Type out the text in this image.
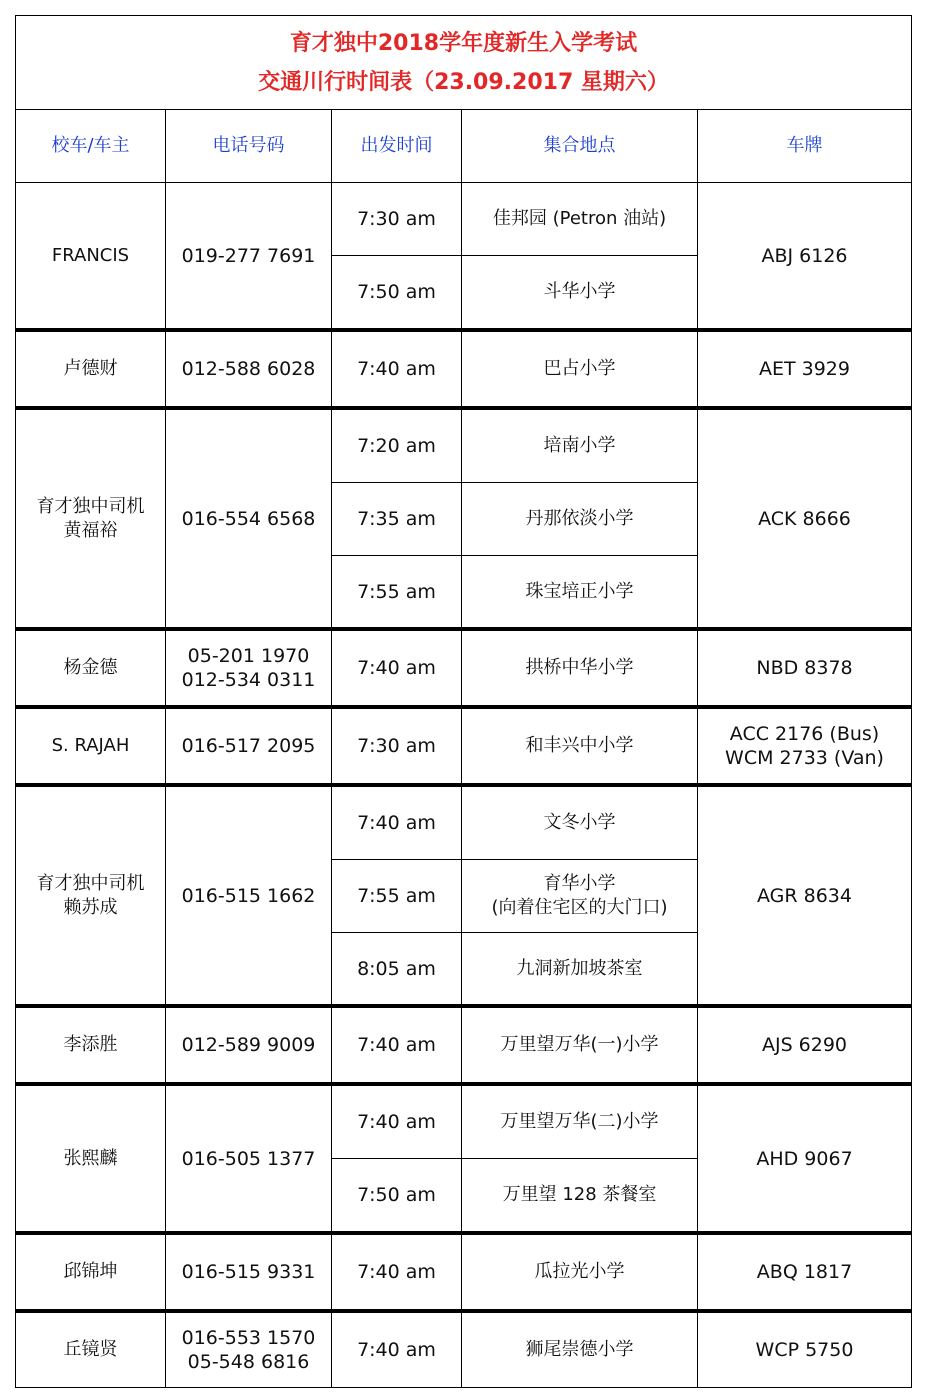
育才独中2018学年度新生入学考试
交通川行时间表（23.09.2017 星期六）				

校车/车主	电话号码	出发时间	集合地点	车牌

FRANCIS	019-277 7691	7:30 am	佳邦园 (Petron 油站)	ABJ 6126

		7:50 am	斗华小学	

卢德财	012-588 6028	7:40 am	巴占小学	AET 3929

育才独中司机
黄福裕	016-554 6568	7:20 am	培南小学	ACK 8666

		7:35 am	丹那依淡小学	

		7:55 am	珠宝培正小学	

杨金德	05-201 1970
012-534 0311	7:40 am	拱桥中华小学	NBD 8378

S. RAJAH	016-517 2095	7:30 am	和丰兴中小学	ACC 2176 (Bus)
WCM 2733 (Van)

育才独中司机
赖苏成	016-515 1662	7:40 am	文冬小学	AGR 8634

		7:55 am	育华小学
(向着住宅区的大门口)	

		8:05 am	九洞新加坡茶室	

李添胜	012-589 9009	7:40 am	万里望万华(一)小学	AJS 6290

张熙麟	016-505 1377	7:40 am	万里望万华(二)小学	AHD 9067

		7:50 am	万里望 128 茶餐室	

邱锦坤	016-515 9331	7:40 am	瓜拉光小学	ABQ 1817

丘镜贤	016-553 1570
05-548 6816	7:40 am	狮尾崇德小学	WCP 5750
